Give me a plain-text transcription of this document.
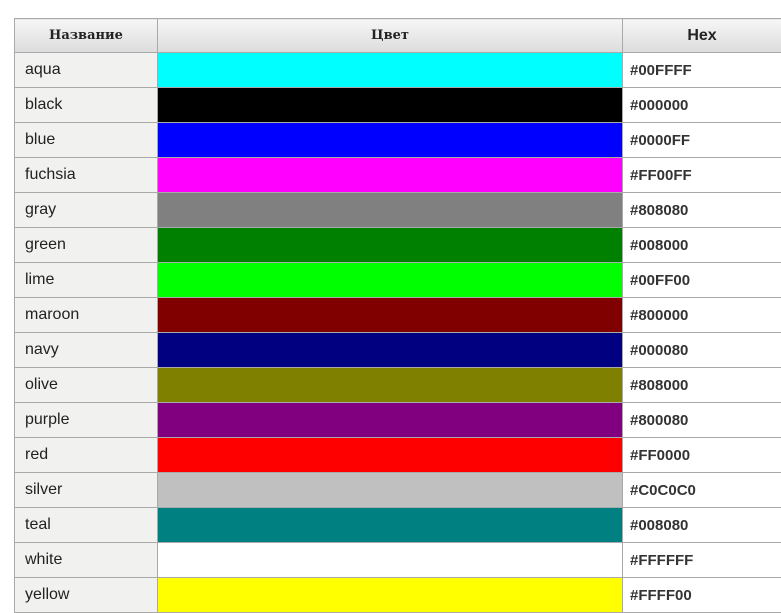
Название	Цвет	Hex
aqua		#00FFFF
black		#000000
blue		#0000FF
fuchsia		#FF00FF
gray		#808080
green		#008000
lime		#00FF00
maroon		#800000
navy		#000080
olive		#808000
purple		#800080
red		#FF0000
silver		#C0C0C0
teal		#008080
white		#FFFFFF
yellow		#FFFF00
